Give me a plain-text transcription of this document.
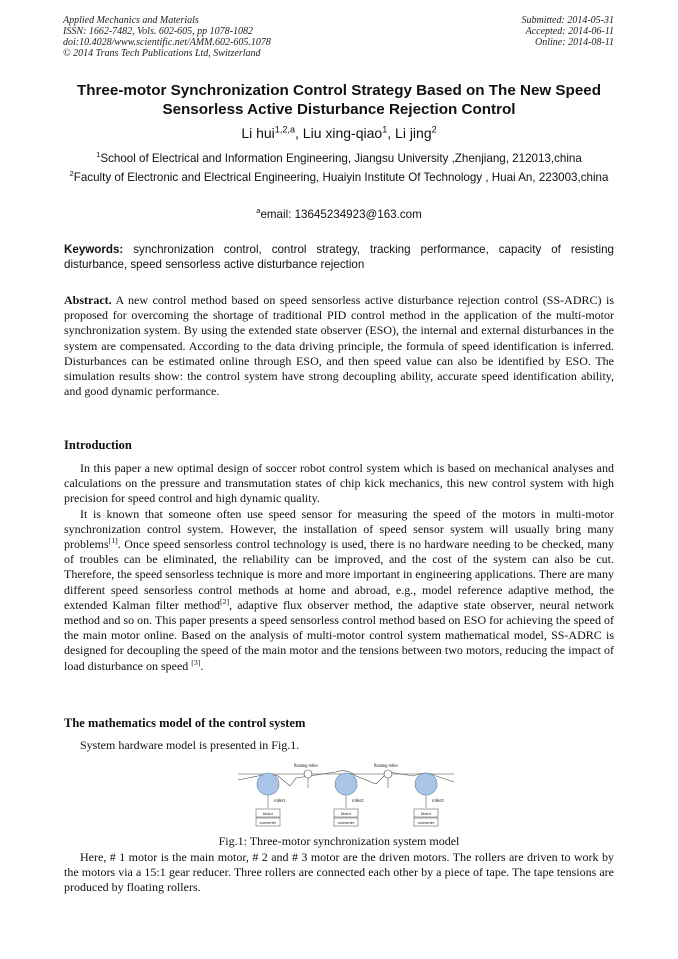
Applied Mechanics and Materials
ISSN: 1662-7482, Vols. 602-605, pp 1078-1082
doi:10.4028/www.scientific.net/AMM.602-605.1078
© 2014 Trans Tech Publications Ltd, Switzerland
Submitted: 2014-05-31
Accepted: 2014-06-11
Online: 2014-08-11
Three-motor Synchronization Control Strategy Based on The New Speed Sensorless Active Disturbance Rejection Control
Li hui$^{1,2,a}$, Liu xing-qiao$^1$, Li jing$^2$
$^1$School of Electrical and Information Engineering, Jiangsu University ,Zhenjiang, 212013,china
$^2$Faculty of Electronic and Electrical Engineering, Huaiyin Institute Of Technology , Huai An, 223003,china
$^a$email: 13645234923@163.com
Keywords: synchronization control, control strategy, tracking performance, capacity of resisting disturbance, speed sensorless active disturbance rejection
Abstract. A new control method based on speed sensorless active disturbance rejection control (SS-ADRC) is proposed for overcoming the shortage of traditional PID control method in the application of the multi-motor synchronization system. By using the extended state observer (ESO), the internal and external disturbances in the system are compensated. According to the data driving principle, the formula of speed identification is inferred. Disturbances can be estimated online through ESO, and then speed value can also be identified by ESO. The simulation results show: the control system have strong decoupling ability, accurate speed identification ability, and good dynamic performance.
Introduction

In this paper a new optimal design of soccer robot control system which is based on mechanical analyses and calculations on the pressure and transmutation states of chip kick mechanics, this new control system with high precision for speed control and high dynamic quality.

It is known that someone often use speed sensor for measuring the speed of the motors in multi-motor synchronization control system. However, the installation of speed sensor system will usually bring many problems[1]. Once speed sensorless control technology is used, there is no hardware needing to be checked, many of troubles can be eliminated, the reliability can be improved, and the cost of the system can also be cut. Therefore, the speed sensorless technique is more and more important in engineering applications. There are many different speed sensorless control methods at home and abroad, e.g., model reference adaptive method, the extended Kalman filter method[2], adaptive flux observer method, the adaptive state observer, neural network method and so on. This paper presents a speed sensorless control method based on ESO for achieving the speed of the main motor online. Based on the analysis of multi-motor control system mathematical model, SS-ADRC is designed for decoupling the speed of the main motor and the tensions between two motors, reducing the impact of load disturbance on speed [3].

The mathematics model of the control system
System hardware model is presented in Fig.1.
floating roller	floating roller
roller1	roller2	roller3
Motor
converter
Motor
converter
Motor
converter
Fig.1: Three-motor synchronization system model
Here, # 1 motor is the main motor, # 2 and # 3 motor are the driven motors. The rollers are driven to work by the motors via a 15:1 gear reducer. Three rollers are connected each other by a piece of tape. The tape tensions are produced by floating rollers.
